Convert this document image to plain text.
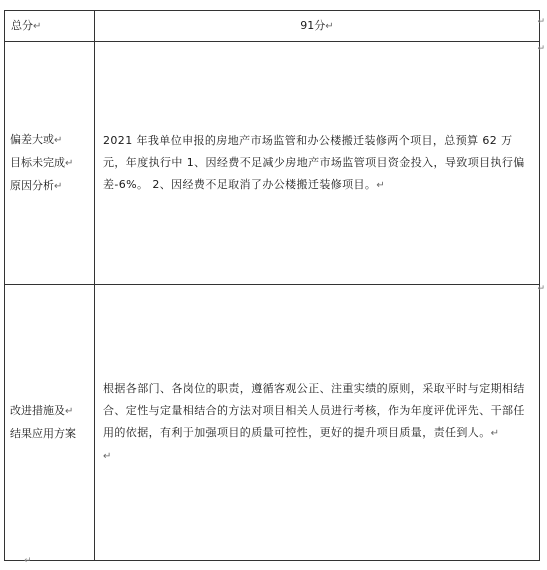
总分↵	91分↵

偏差大或↵
目标未完成↵
原因分析↵	2021 年我单位申报的房地产市场监管和办公楼搬迁装修两个项目，总预算 62 万元，年度执行中 1、因经费不足减少房地产市场监管项目资金投入，导致项目执行偏差-6%。 2、因经费不足取消了办公楼搬迁装修项目。↵

改进措施及↵
结果应用方案	根据各部门、各岗位的职责，遵循客观公正、注重实绩的原则，采取平时与定期相结合、定性与定量相结合的方法对项目相关人员进行考核，作为年度评优评先、干部任用的依据，有利于加强项目的质量可控性，更好的提升项目质量，责任到人。↵
↵
↵
↵
↵
↵
